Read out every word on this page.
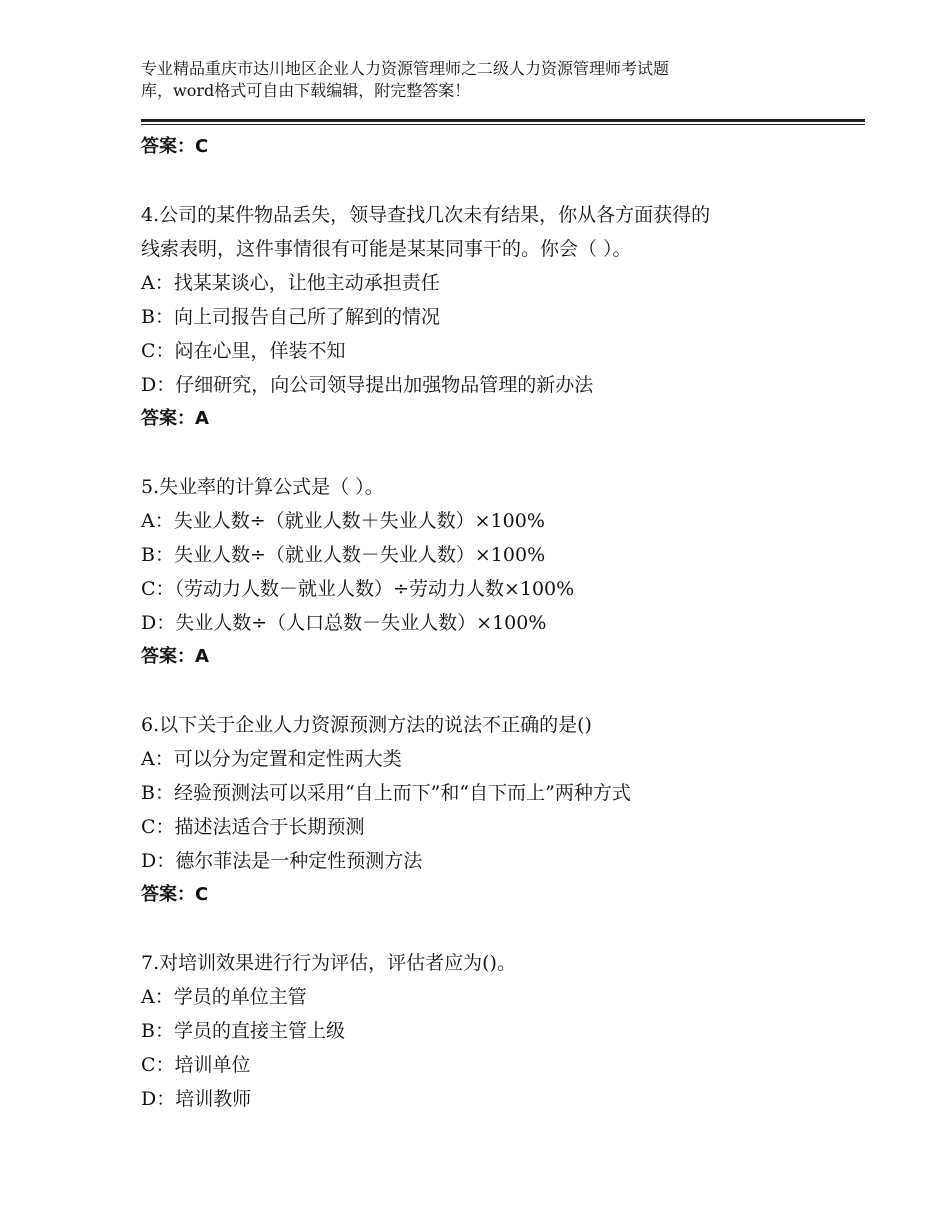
专业精品重庆市达川地区企业人力资源管理师之二级人力资源管理师考试题
库，word格式可自由下载编辑，附完整答案！
答案：C
4.公司的某件物品丢失，领导查找几次未有结果，你从各方面获得的
线索表明，这件事情很有可能是某某同事干的。你会（ ）。
A：找某某谈心，让他主动承担责任
B：向上司报告自己所了解到的情况
C：闷在心里，佯装不知
D：仔细研究，向公司领导提出加强物品管理的新办法
答案：A
5.失业率的计算公式是（ ）。
A：失业人数÷（就业人数＋失业人数）×100%
B：失业人数÷（就业人数－失业人数）×100%
C：（劳动力人数－就业人数）÷劳动力人数×100%
D：失业人数÷（人口总数－失业人数）×100%
答案：A
6.以下关于企业人力资源预测方法的说法不正确的是()
A：可以分为定置和定性两大类
B：经验预测法可以采用“自上而下”和“自下而上”两种方式
C：描述法适合于长期预测
D：德尔菲法是一种定性预测方法
答案：C
7.对培训效果进行行为评估，评估者应为()。
A：学员的单位主管
B：学员的直接主管上级
C：培训单位
D：培训教师
